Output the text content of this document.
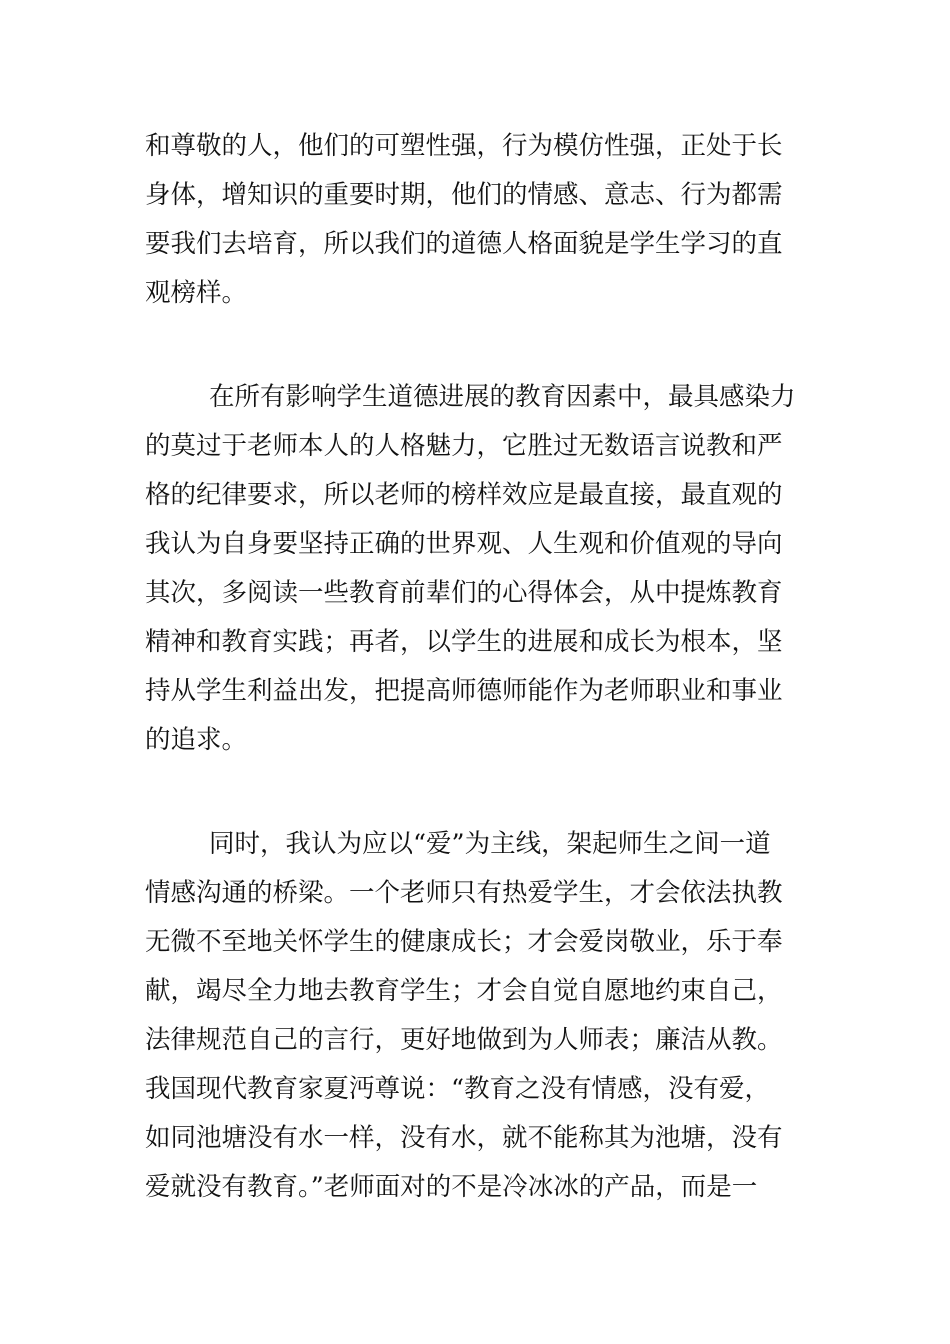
和尊敬的人，他们的可塑性强，行为模仿性强，正处于长
身体，增知识的重要时期，他们的情感、意志、行为都需
要我们去培育，所以我们的道德人格面貌是学生学习的直
观榜样。
在所有影响学生道德进展的教育因素中，最具感染力
的莫过于老师本人的人格魅力，它胜过无数语言说教和严
格的纪律要求，所以老师的榜样效应是最直接，最直观的
我认为自身要坚持正确的世界观、人生观和价值观的导向
其次，多阅读一些教育前辈们的心得体会，从中提炼教育
精神和教育实践；再者，以学生的进展和成长为根本，坚
持从学生利益出发，把提高师德师能作为老师职业和事业
的追求。
同时，我认为应以“爱”为主线，架起师生之间一道
情感沟通的桥梁。一个老师只有热爱学生，才会依法执教
无微不至地关怀学生的健康成长；才会爱岗敬业，乐于奉
献，竭尽全力地去教育学生；才会自觉自愿地约束自己，
法律规范自己的言行，更好地做到为人师表；廉洁从教。
我国现代教育家夏沔尊说：“教育之没有情感，没有爱，
如同池塘没有水一样，没有水，就不能称其为池塘，没有
爱就没有教育。”老师面对的不是冷冰冰的产品，而是一
